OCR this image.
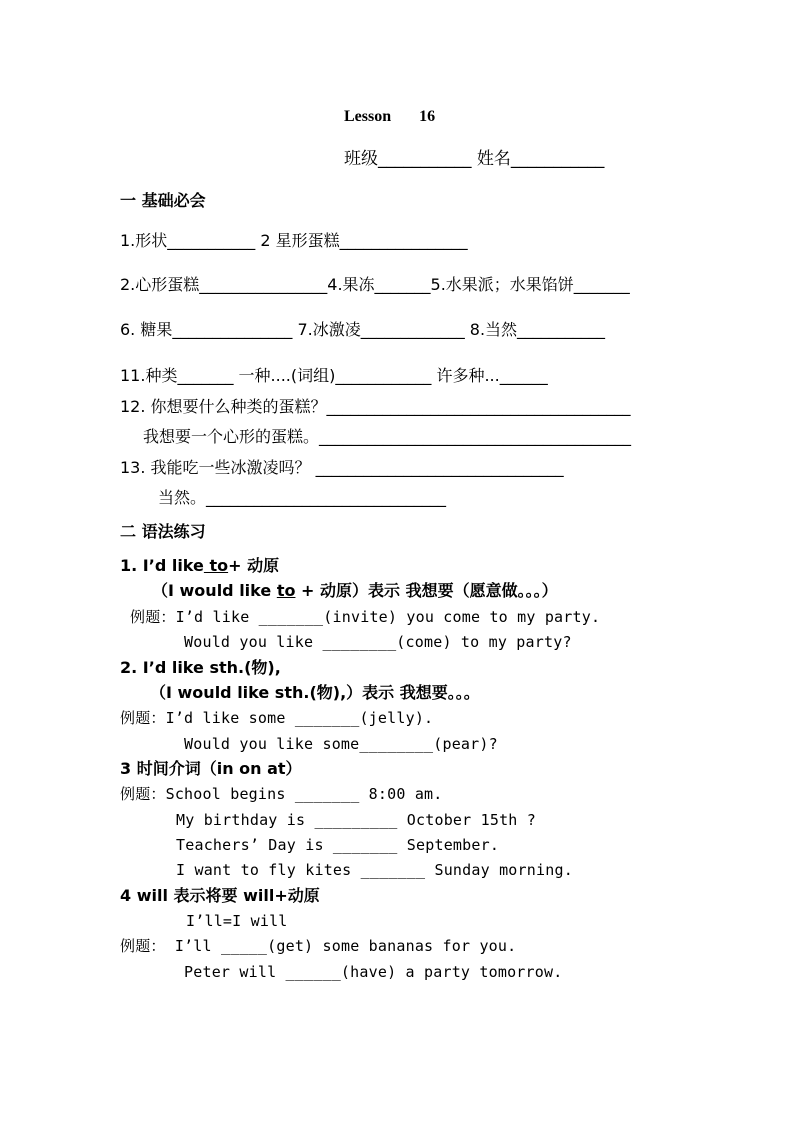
Lesson 16
班级___________ 姓名___________
一 基础必会
1.形状___________ 2 星形蛋糕________________
2.心形蛋糕________________4.果冻_______5.水果派；水果馅饼_______
6. 糖果_______________ 7.冰激凌_____________ 8.当然___________
11.种类_______ 一种....(词组)____________ 许多种...______
12. 你想要什么种类的蛋糕？______________________________________
我想要一个心形的蛋糕。_______________________________________
13. 我能吃一些冰激凌吗？ _______________________________
当然。______________________________
二 语法练习
1. I’d like to+ 动原
（I would like to + 动原）表示 我想要（愿意做。。。）
例题：I’d like _______(invite) you come to my party.
Would you like ________(come) to my party?
2. I’d like sth.(物),
（I would like sth.(物),）表示 我想要。。。
例题：I’d like some _______(jelly).
Would you like some________(pear)?
3 时间介词（in on at）
例题：School begins _______ 8:00 am.
My birthday is _________ October 15th ?
Teachers’ Day is _______ September.
I want to fly kites _______ Sunday morning.
4 will 表示将要 will+动原
I’ll=I will
例题： I’ll _____(get) some bananas for you.
Peter will ______(have) a party tomorrow.
